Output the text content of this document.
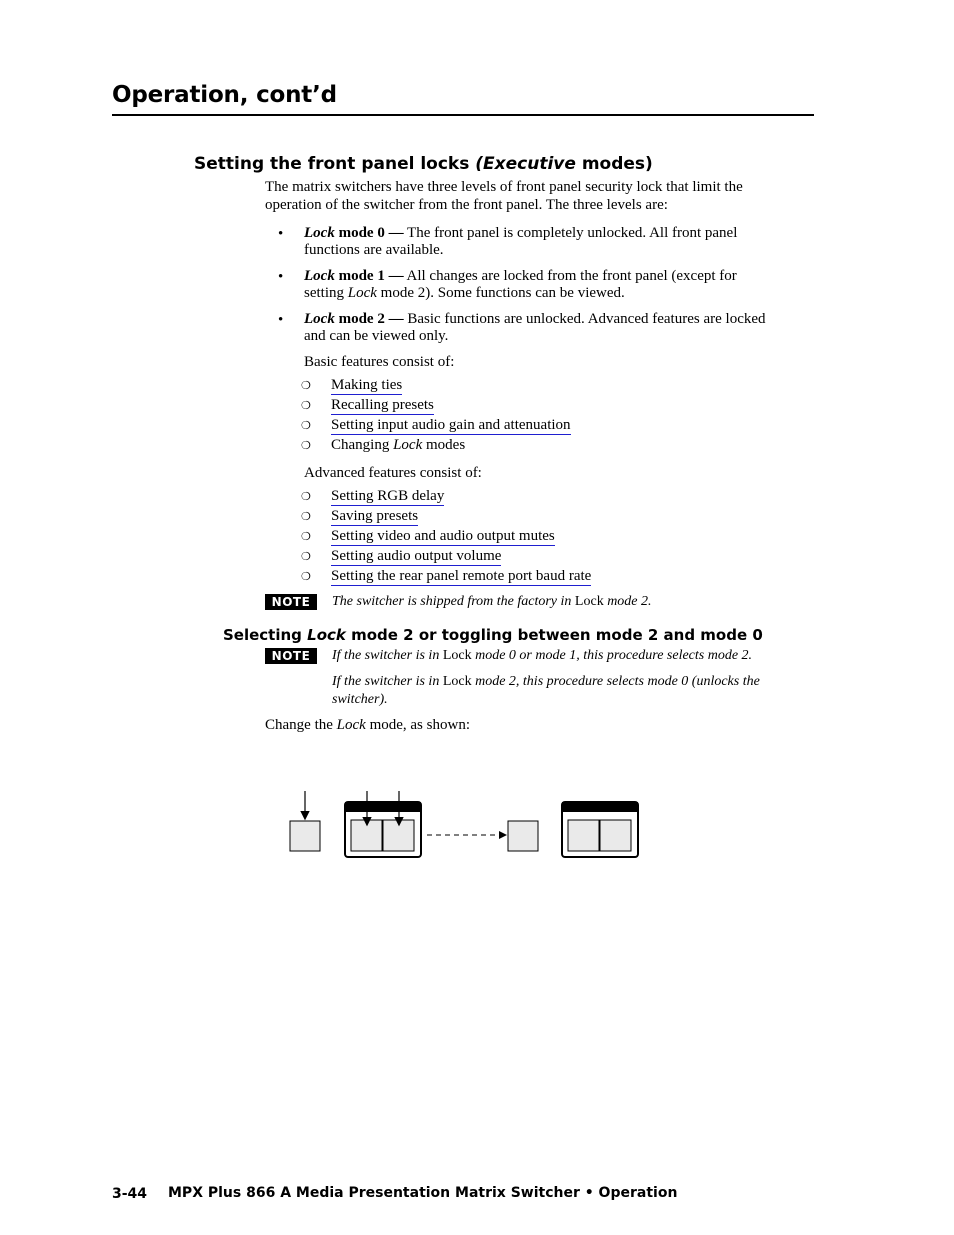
Operation, cont’d
Setting the front panel locks (Executive modes)
The matrix switchers have three levels of front panel security lock that limit the
operation of the switcher from the front panel. The three levels are:
• Lock mode 0 — The front panel is completely unlocked. All front panel
functions are available.
• Lock mode 1 — All changes are locked from the front panel (except for
setting Lock mode 2). Some functions can be viewed.
• Lock mode 2 — Basic functions are unlocked. Advanced features are locked
and can be viewed only.
Basic features consist of:
❍ Making ties
❍ Recalling presets
❍ Setting input audio gain and attenuation
❍ Changing Lock modes
Advanced features consist of:
❍ Setting RGB delay
❍ Saving presets
❍ Setting video and audio output mutes
❍ Setting audio output volume
❍ Setting the rear panel remote port baud rate
NOTE	The switcher is shipped from the factory in Lock mode 2.
Selecting Lock mode 2 or toggling between mode 2 and mode 0
NOTE	If the switcher is in Lock mode 0 or mode 1, this procedure selects mode 2.
If the switcher is in Lock mode 2, this procedure selects mode 0 (unlocks the
switcher).
Change the Lock mode, as shown:
3-44 MPX Plus 866 A Media Presentation Matrix Switcher • Operation
